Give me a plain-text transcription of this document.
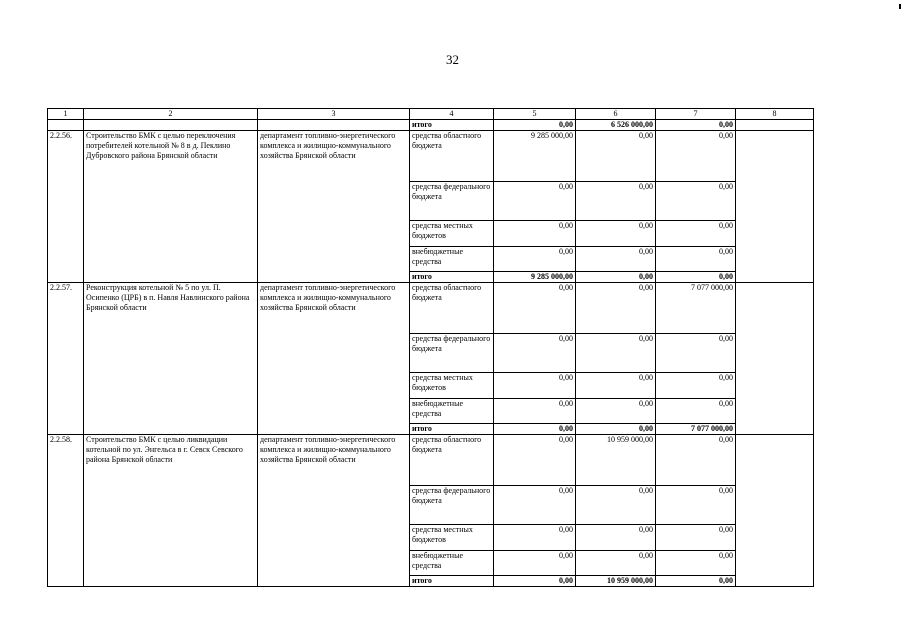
32
1	2	3	4	5	6	7	8
			итого	0,00	6 526 000,00	0,00	
2.2.56.	Строительство БМК с целью переключения потребителей котельной № 8 в д. Пеклино Дубровского района Брянской области	департамент топливно-энергетического комплекса и жилищно-коммунального хозяйства Брянской области	средства областного бюджета	9 285 000,00	0,00	0,00	
			средства федерального бюджета	0,00	0,00	0,00	
			средства местных бюджетов	0,00	0,00	0,00	
			внебюджетные средства	0,00	0,00	0,00	
			итого	9 285 000,00	0,00	0,00	
2.2.57.	Реконструкция котельной № 5 по ул. П. Осипенко (ЦРБ) в п. Навля Навлинского района Брянской области	департамент топливно-энергетического комплекса и жилищно-коммунального хозяйства Брянской области	средства областного бюджета	0,00	0,00	7 077 000,00	
			средства федерального бюджета	0,00	0,00	0,00	
			средства местных бюджетов	0,00	0,00	0,00	
			внебюджетные средства	0,00	0,00	0,00	
			итого	0,00	0,00	7 077 000,00	
2.2.58.	Строительство БМК с целью ликвидации котельной по ул. Энгельса в г. Севск Севского района Брянской области	департамент топливно-энергетического комплекса и жилищно-коммунального хозяйства Брянской области	средства областного бюджета	0,00	10 959 000,00	0,00	
			средства федерального бюджета	0,00	0,00	0,00	
			средства местных бюджетов	0,00	0,00	0,00	
			внебюджетные средства	0,00	0,00	0,00	
			итого	0,00	10 959 000,00	0,00	
